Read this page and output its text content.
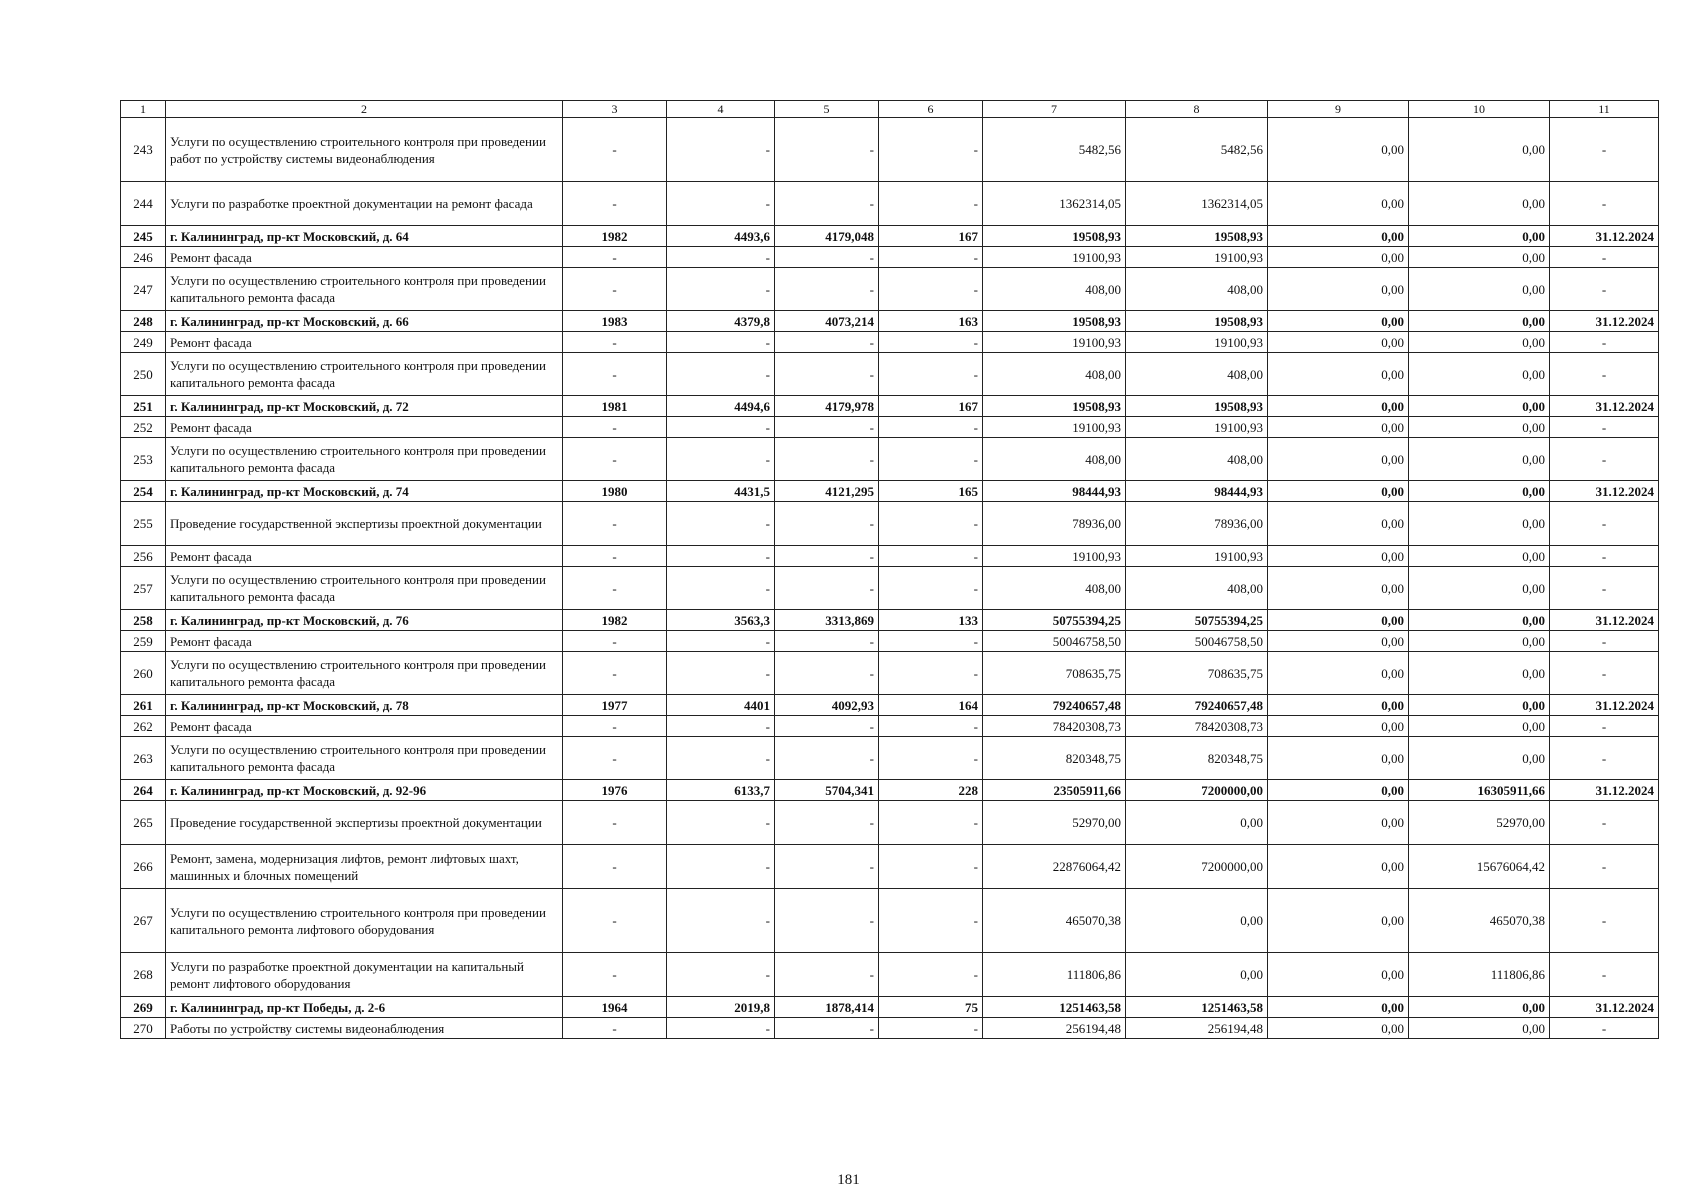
1	2	3	4	5	6	7	8	9	10	11
243	Услуги по осуществлению строительного контроля при проведении работ по устройству системы видеонаблюдения	-	-	-	-	5482,56	5482,56	0,00	0,00	-
244	Услуги по разработке проектной документации на ремонт фасада	-	-	-	-	1362314,05	1362314,05	0,00	0,00	-
245	г. Калининград, пр-кт Московский, д. 64	1982	4493,6	4179,048	167	19508,93	19508,93	0,00	0,00	31.12.2024
246	Ремонт фасада	-	-	-	-	19100,93	19100,93	0,00	0,00	-
247	Услуги по осуществлению строительного контроля при проведении капитального ремонта фасада	-	-	-	-	408,00	408,00	0,00	0,00	-
248	г. Калининград, пр-кт Московский, д. 66	1983	4379,8	4073,214	163	19508,93	19508,93	0,00	0,00	31.12.2024
249	Ремонт фасада	-	-	-	-	19100,93	19100,93	0,00	0,00	-
250	Услуги по осуществлению строительного контроля при проведении капитального ремонта фасада	-	-	-	-	408,00	408,00	0,00	0,00	-
251	г. Калининград, пр-кт Московский, д. 72	1981	4494,6	4179,978	167	19508,93	19508,93	0,00	0,00	31.12.2024
252	Ремонт фасада	-	-	-	-	19100,93	19100,93	0,00	0,00	-
253	Услуги по осуществлению строительного контроля при проведении капитального ремонта фасада	-	-	-	-	408,00	408,00	0,00	0,00	-
254	г. Калининград, пр-кт Московский, д. 74	1980	4431,5	4121,295	165	98444,93	98444,93	0,00	0,00	31.12.2024
255	Проведение государственной экспертизы проектной документации	-	-	-	-	78936,00	78936,00	0,00	0,00	-
256	Ремонт фасада	-	-	-	-	19100,93	19100,93	0,00	0,00	-
257	Услуги по осуществлению строительного контроля при проведении капитального ремонта фасада	-	-	-	-	408,00	408,00	0,00	0,00	-
258	г. Калининград, пр-кт Московский, д. 76	1982	3563,3	3313,869	133	50755394,25	50755394,25	0,00	0,00	31.12.2024
259	Ремонт фасада	-	-	-	-	50046758,50	50046758,50	0,00	0,00	-
260	Услуги по осуществлению строительного контроля при проведении капитального ремонта фасада	-	-	-	-	708635,75	708635,75	0,00	0,00	-
261	г. Калининград, пр-кт Московский, д. 78	1977	4401	4092,93	164	79240657,48	79240657,48	0,00	0,00	31.12.2024
262	Ремонт фасада	-	-	-	-	78420308,73	78420308,73	0,00	0,00	-
263	Услуги по осуществлению строительного контроля при проведении капитального ремонта фасада	-	-	-	-	820348,75	820348,75	0,00	0,00	-
264	г. Калининград, пр-кт Московский, д. 92-96	1976	6133,7	5704,341	228	23505911,66	7200000,00	0,00	16305911,66	31.12.2024
265	Проведение государственной экспертизы проектной документации	-	-	-	-	52970,00	0,00	0,00	52970,00	-
266	Ремонт, замена, модернизация лифтов, ремонт лифтовых шахт, машинных и блочных помещений	-	-	-	-	22876064,42	7200000,00	0,00	15676064,42	-
267	Услуги по осуществлению строительного контроля при проведении капитального ремонта лифтового оборудования	-	-	-	-	465070,38	0,00	0,00	465070,38	-
268	Услуги по разработке проектной документации на капитальный ремонт лифтового оборудования	-	-	-	-	111806,86	0,00	0,00	111806,86	-
269	г. Калининград, пр-кт Победы, д. 2-6	1964	2019,8	1878,414	75	1251463,58	1251463,58	0,00	0,00	31.12.2024
270	Работы по устройству системы видеонаблюдения	-	-	-	-	256194,48	256194,48	0,00	0,00	-
181
